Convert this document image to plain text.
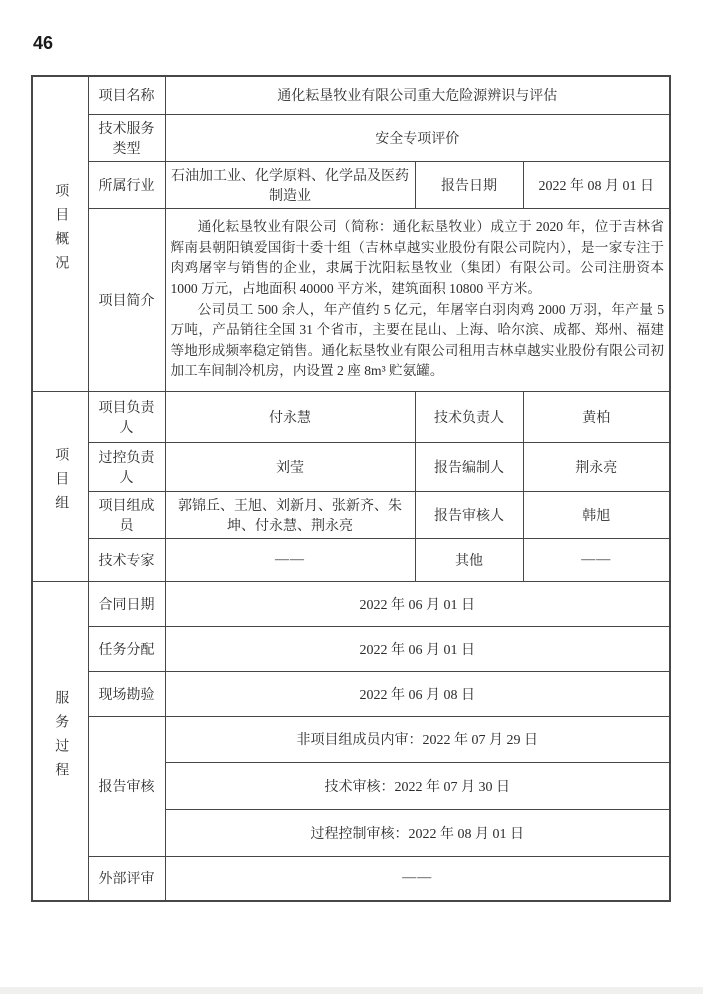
46
项目概况	项目名称	通化耘垦牧业有限公司重大危险源辨识与评估		
	技术服务类型	安全专项评价		
	所属行业	石油加工业、化学原料、化学品及医药制造业	报告日期	2022 年 08 月 01 日
	项目简介	通化耘垦牧业有限公司（简称：通化耘垦牧业）成立于 2020 年，位于吉林省辉南县朝阳镇爱国街十委十组（吉林卓越实业股份有限公司院内），是一家专注于肉鸡屠宰与销售的企业，隶属于沈阳耘垦牧业（集团）有限公司。公司注册资本 1000 万元，占地面积 40000 平方米，建筑面积 10800 平方米。

公司员工 500 余人，年产值约 5 亿元，年屠宰白羽肉鸡 2000 万羽，年产量 5 万吨，产品销往全国 31 个省市，主要在昆山、上海、哈尔滨、成都、郑州、福建等地形成频率稳定销售。通化耘垦牧业有限公司租用吉林卓越实业股份有限公司初加工车间制冷机房，内设置 2 座 8m³ 贮氨罐。		

项目组	项目负责人	付永慧	技术负责人	黄柏
	过控负责人	刘莹	报告编制人	荆永亮
	项目组成员	郭锦丘、王旭、刘新月、张新齐、朱坤、付永慧、荆永亮	报告审核人	韩旭
	技术专家	——	其他	——
服务过程	合同日期	2022 年 06 月 01 日		
	任务分配	2022 年 06 月 01 日		
	现场勘验	2022 年 06 月 08 日		
	报告审核	非项目组成员内审：2022 年 07 月 29 日		
		技术审核：2022 年 07 月 30 日		
		过程控制审核：2022 年 08 月 01 日		
	外部评审	——		
